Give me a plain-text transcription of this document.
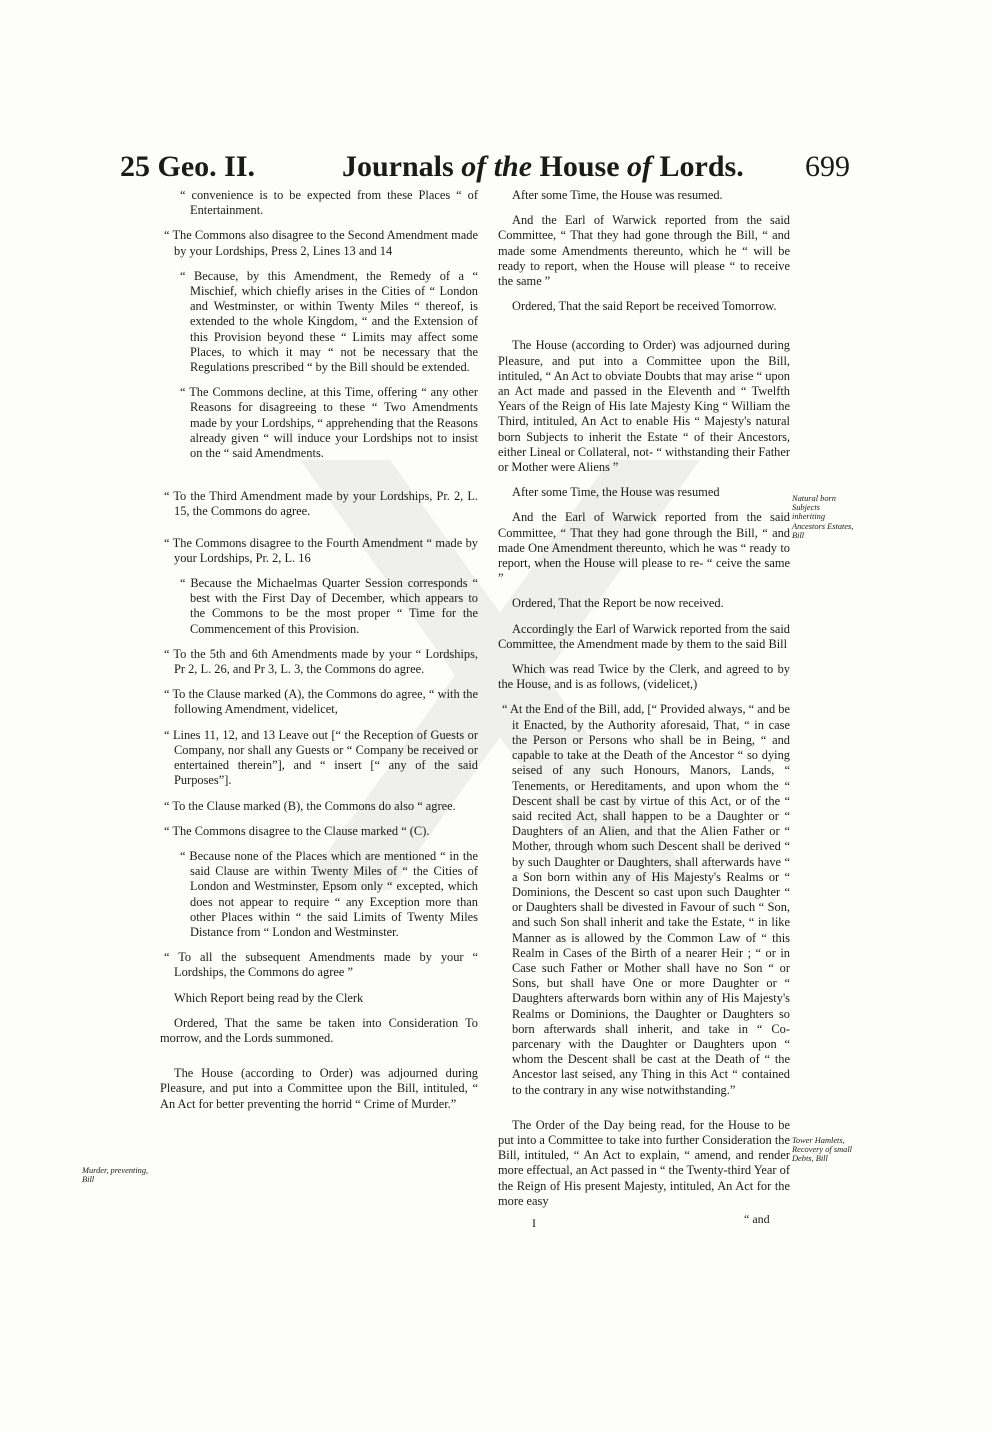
25 Geo. II.	Journals of the House of Lords. 699

“ convenience is to be expected from these Places “ of Entertainment.

“ The Commons also disagree to the Second Amendment made by your Lordships, Press 2, Lines 13 and 14

“ Because, by this Amendment, the Remedy of a “ Mischief, which chiefly arises in the Cities of “ London and Westminster, or within Twenty Miles “ thereof, is extended to the whole Kingdom, “ and the Extension of this Provision beyond these “ Limits may affect some Places, to which it may “ not be necessary that the Regulations prescribed “ by the Bill should be extended.

“ The Commons decline, at this Time, offering “ any other Reasons for disagreeing to these “ Two Amendments made by your Lordships, “ apprehending that the Reasons already given “ will induce your Lordships not to insist on the “ said Amendments.

“ To the Third Amendment made by your Lordships, Pr. 2, L. 15, the Commons do agree.

“ The Commons disagree to the Fourth Amendment “ made by your Lordships, Pr. 2, L. 16

“ Because the Michaelmas Quarter Session corresponds “ best with the First Day of December, which appears to the Commons to be the most proper “ Time for the Commencement of this Provision.

“ To the 5th and 6th Amendments made by your “ Lordships, Pr 2, L. 26, and Pr 3, L. 3, the Commons do agree.

“ To the Clause marked (A), the Commons do agree, “ with the following Amendment, videlicet,

“ Lines 11, 12, and 13 Leave out [“ the Reception of Guests or Company, nor shall any Guests or “ Company be received or entertained therein”], and “ insert [“ any of the said Purposes”].

“ To the Clause marked (B), the Commons do also “ agree.

“ The Commons disagree to the Clause marked “ (C).

“ Because none of the Places which are mentioned “ in the said Clause are within Twenty Miles of “ the Cities of London and Westminster, Epsom only “ excepted, which does not appear to require “ any Exception more than other Places within “ the said Limits of Twenty Miles Distance from “ London and Westminster.

“ To all the subsequent Amendments made by your “ Lordships, the Commons do agree ”

Which Report being read by the Clerk

Ordered, That the same be taken into Consideration To morrow, and the Lords summoned.

The House (according to Order) was adjourned during Pleasure, and put into a Committee upon the Bill, intituled, “ An Act for better preventing the horrid “ Crime of Murder.”

After some Time, the House was resumed.

And the Earl of Warwick reported from the said Committee, “ That they had gone through the Bill, “ and made some Amendments thereunto, which he “ will be ready to report, when the House will please “ to receive the same ”

Ordered, That the said Report be received Tomorrow.

The House (according to Order) was adjourned during Pleasure, and put into a Committee upon the Bill, intituled, “ An Act to obviate Doubts that may arise “ upon an Act made and passed in the Eleventh and “ Twelfth Years of the Reign of His late Majesty King “ William the Third, intituled, An Act to enable His “ Majesty's natural born Subjects to inherit the Estate “ of their Ancestors, either Lineal or Collateral, not- “ withstanding their Father or Mother were Aliens ”

After some Time, the House was resumed

And the Earl of Warwick reported from the said Committee, “ That they had gone through the Bill, “ and made One Amendment thereunto, which he was “ ready to report, when the House will please to re- “ ceive the same ”

Ordered, That the Report be now received.

Accordingly the Earl of Warwick reported from the said Committee, the Amendment made by them to the said Bill

Which was read Twice by the Clerk, and agreed to by the House, and is as follows, (videlicet,)

“ At the End of the Bill, add, [“ Provided always, “ and be it Enacted, by the Authority aforesaid, That, “ in case the Person or Persons who shall be in Being, “ and capable to take at the Death of the Ancestor “ so dying seised of any such Honours, Manors, Lands, “ Tenements, or Hereditaments, and upon whom the “ Descent shall be cast by virtue of this Act, or of the “ said recited Act, shall happen to be a Daughter or “ Daughters of an Alien, and that the Alien Father or “ Mother, through whom such Descent shall be derived “ by such Daughter or Daughters, shall afterwards have “ a Son born within any of His Majesty's Realms or “ Dominions, the Descent so cast upon such Daughter “ or Daughters shall be divested in Favour of such “ Son, and such Son shall inherit and take the Estate, “ in like Manner as is allowed by the Common Law of “ this Realm in Cases of the Birth of a nearer Heir ; “ or in Case such Father or Mother shall have no Son “ or Sons, but shall have One or more Daughter or “ Daughters afterwards born within any of His Majesty's Realms or Dominions, the Daughter or Daughters so born afterwards shall inherit, and take in “ Co-parcenary with the Daughter or Daughters upon “ whom the Descent shall be cast at the Death of “ the Ancestor last seised, any Thing in this Act “ contained to the contrary in any wise notwithstanding.”

The Order of the Day being read, for the House to be put into a Committee to take into further Consideration the Bill, intituled, “ An Act to explain, “ amend, and render more effectual, an Act passed in “ the Twenty-third Year of the Reign of His present Majesty, intituled, An Act for the more easy

Murder, preventing, Bill
Natural born Subjects inheriting Ancestors Estates, Bill
Tower Hamlets, Recovery of small Debts, Bill
I	“ and
